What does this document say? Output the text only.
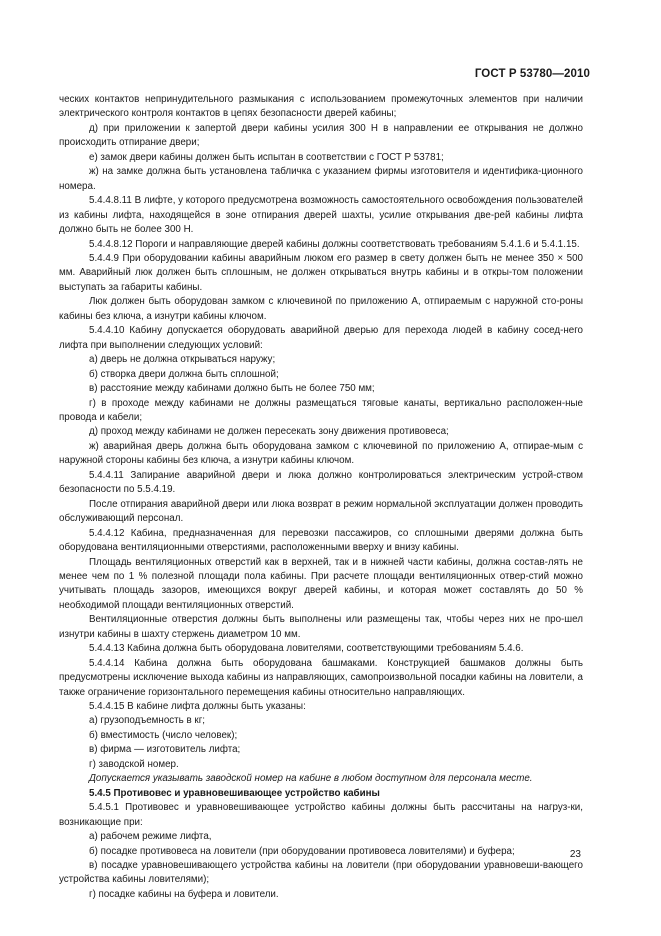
ГОСТ Р 53780—2010

ческих контактов непринудительного размыкания с использованием промежуточных элементов при наличии электрического контроля контактов в цепях безопасности дверей кабины;

д) при приложении к запертой двери кабины усилия 300 Н в направлении ее открывания не должно происходить отпирание двери;

е) замок двери кабины должен быть испытан в соответствии с ГОСТ Р 53781;

ж) на замке должна быть установлена табличка с указанием фирмы изготовителя и идентифика-ционного номера.

5.4.4.8.11 В лифте, у которого предусмотрена возможность самостоятельного освобождения пользователей из кабины лифта, находящейся в зоне отпирания дверей шахты, усилие открывания две-рей кабины лифта должно быть не более 300 Н.

5.4.4.8.12 Пороги и направляющие дверей кабины должны соответствовать требованиям 5.4.1.6 и 5.4.1.15.

5.4.4.9 При оборудовании кабины аварийным люком его размер в свету должен быть не менее 350 × 500 мм. Аварийный люк должен быть сплошным, не должен открываться внутрь кабины и в откры-том положении выступать за габариты кабины.

Люк должен быть оборудован замком с ключевиной по приложению А, отпираемым с наружной сто-роны кабины без ключа, а изнутри кабины ключом.

5.4.4.10 Кабину допускается оборудовать аварийной дверью для перехода людей в кабину сосед-него лифта при выполнении следующих условий:

а) дверь не должна открываться наружу;

б) створка двери должна быть сплошной;

в) расстояние между кабинами должно быть не более 750 мм;

г) в проходе между кабинами не должны размещаться тяговые канаты, вертикально расположен-ные провода и кабели;

д) проход между кабинами не должен пересекать зону движения противовеса;

ж) аварийная дверь должна быть оборудована замком с ключевиной по приложению А, отпирае-мым с наружной стороны кабины без ключа, а изнутри кабины ключом.

5.4.4.11 Запирание аварийной двери и люка должно контролироваться электрическим устрой-ством безопасности по 5.5.4.19.

После отпирания аварийной двери или люка возврат в режим нормальной эксплуатации должен проводить обслуживающий персонал.

5.4.4.12 Кабина, предназначенная для перевозки пассажиров, со сплошными дверями должна быть оборудована вентиляционными отверстиями, расположенными вверху и внизу кабины.

Площадь вентиляционных отверстий как в верхней, так и в нижней части кабины, должна состав-лять не менее чем по 1 % полезной площади пола кабины. При расчете площади вентиляционных отвер-стий можно учитывать площадь зазоров, имеющихся вокруг дверей кабины, и которая может составлять до 50 % необходимой площади вентиляционных отверстий.

Вентиляционные отверстия должны быть выполнены или размещены так, чтобы через них не про-шел изнутри кабины в шахту стержень диаметром 10 мм.

5.4.4.13 Кабина должна быть оборудована ловителями, соответствующими требованиям 5.4.6.

5.4.4.14 Кабина должна быть оборудована башмаками. Конструкцией башмаков должны быть предусмотрены исключение выхода кабины из направляющих, самопроизвольной посадки кабины на ловители, а также ограничение горизонтального перемещения кабины относительно направляющих.

5.4.4.15 В кабине лифта должны быть указаны:

а) грузоподъемность в кг;

б) вместимость (число человек);

в) фирма — изготовитель лифта;

г) заводской номер.

Допускается указывать заводской номер на кабине в любом доступном для персонала месте.

5.4.5 Противовес и уравновешивающее устройство кабины

5.4.5.1 Противовес и уравновешивающее устройство кабины должны быть рассчитаны на нагруз-ки, возникающие при:

а) рабочем режиме лифта,

б) посадке противовеса на ловители (при оборудовании противовеса ловителями) и буфера;

в) посадке уравновешивающего устройства кабины на ловители (при оборудовании уравновеши-вающего устройства кабины ловителями);

г) посадке кабины на буфера и ловители.

23
